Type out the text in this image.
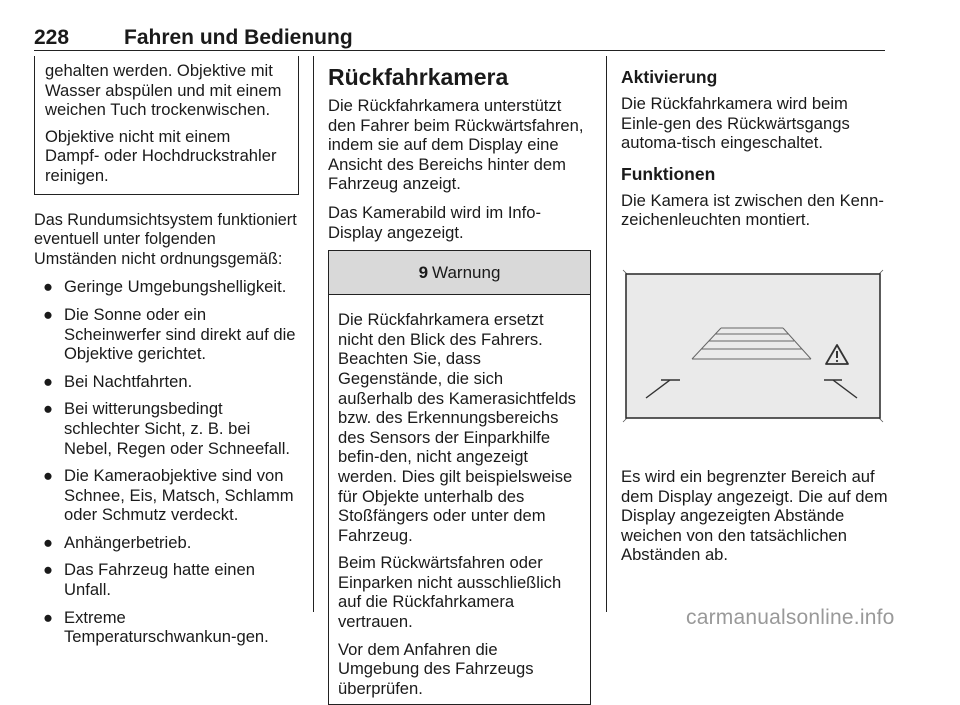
228	Fahren und Bedienung

gehalten werden. Objektive mit Wasser abspülen und mit einem weichen Tuch trockenwischen.

Objektive nicht mit einem Dampf- oder Hochdruckstrahler reinigen.

Das Rundumsichtsystem funktioniert eventuell unter folgenden Umständen nicht ordnungsgemäß:

● Geringe Umgebungshelligkeit.
● Die Sonne oder ein Scheinwerfer sind direkt auf die Objektive gerichtet.
● Bei Nachtfahrten.
● Bei witterungsbedingt schlechter Sicht, z. B. bei Nebel, Regen oder Schneefall.
● Die Kameraobjektive sind von Schnee, Eis, Matsch, Schlamm oder Schmutz verdeckt.
● Anhängerbetrieb.
● Das Fahrzeug hatte einen Unfall.
● Extreme Temperaturschwankun-gen.
Rückfahrkamera

Die Rückfahrkamera unterstützt den Fahrer beim Rückwärtsfahren, indem sie auf dem Display eine Ansicht des Bereichs hinter dem Fahrzeug anzeigt.

Das Kamerabild wird im Info-Display angezeigt.

9 Warnung

Die Rückfahrkamera ersetzt nicht den Blick des Fahrers. Beachten Sie, dass Gegenstände, die sich außerhalb des Kamerasichtfelds bzw. des Erkennungsbereichs des Sensors der Einparkhilfe befin-den, nicht angezeigt werden. Dies gilt beispielsweise für Objekte unterhalb des Stoßfängers oder unter dem Fahrzeug.

Beim Rückwärtsfahren oder Einparken nicht ausschließlich auf die Rückfahrkamera vertrauen.

Vor dem Anfahren die Umgebung des Fahrzeugs überprüfen.

Aktivierung

Die Rückfahrkamera wird beim Einle-gen des Rückwärtsgangs automa-tisch eingeschaltet.

Funktionen

Die Kamera ist zwischen den Kenn-zeichenleuchten montiert.

Es wird ein begrenzter Bereich auf dem Display angezeigt. Die auf dem Display angezeigten Abstände weichen von den tatsächlichen Abständen ab.

carmanualsonline.info
